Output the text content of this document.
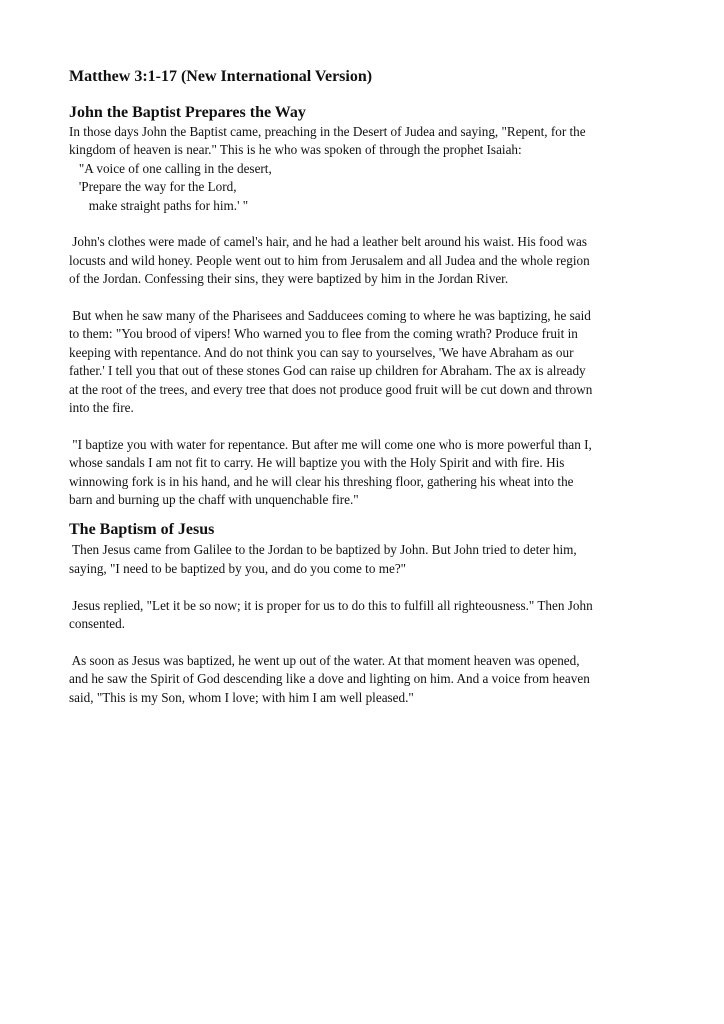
Matthew 3:1-17 (New International Version)
John the Baptist Prepares the Way
In those days John the Baptist came, preaching in the Desert of Judea and saying, "Repent, for the
kingdom of heaven is near." This is he who was spoken of through the prophet Isaiah:
"A voice of one calling in the desert,
'Prepare the way for the Lord,
make straight paths for him.' "
John's clothes were made of camel's hair, and he had a leather belt around his waist. His food was
locusts and wild honey. People went out to him from Jerusalem and all Judea and the whole region
of the Jordan. Confessing their sins, they were baptized by him in the Jordan River.
But when he saw many of the Pharisees and Sadducees coming to where he was baptizing, he said
to them: "You brood of vipers! Who warned you to flee from the coming wrath? Produce fruit in
keeping with repentance. And do not think you can say to yourselves, 'We have Abraham as our
father.' I tell you that out of these stones God can raise up children for Abraham. The ax is already
at the root of the trees, and every tree that does not produce good fruit will be cut down and thrown
into the fire.
"I baptize you with water for repentance. But after me will come one who is more powerful than I,
whose sandals I am not fit to carry. He will baptize you with the Holy Spirit and with fire. His
winnowing fork is in his hand, and he will clear his threshing floor, gathering his wheat into the
barn and burning up the chaff with unquenchable fire."
The Baptism of Jesus
Then Jesus came from Galilee to the Jordan to be baptized by John. But John tried to deter him,
saying, "I need to be baptized by you, and do you come to me?"
Jesus replied, "Let it be so now; it is proper for us to do this to fulfill all righteousness." Then John
consented.
As soon as Jesus was baptized, he went up out of the water. At that moment heaven was opened,
and he saw the Spirit of God descending like a dove and lighting on him. And a voice from heaven
said, "This is my Son, whom I love; with him I am well pleased."
